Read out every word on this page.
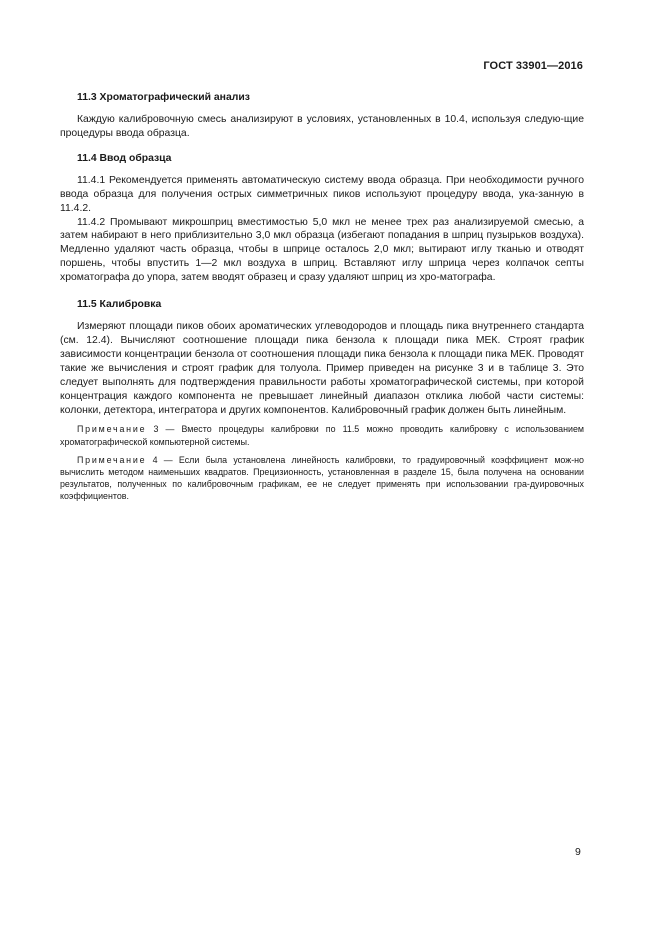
ГОСТ 33901—2016
11.3 Хроматографический анализ

Каждую калибровочную смесь анализируют в условиях, установленных в 10.4, используя следую-щие процедуры ввода образца.

11.4 Ввод образца

11.4.1 Рекомендуется применять автоматическую систему ввода образца. При необходимости ручного ввода образца для получения острых симметричных пиков используют процедуру ввода, ука-занную в 11.4.2.

11.4.2 Промывают микрошприц вместимостью 5,0 мкл не менее трех раз анализируемой смесью, а затем набирают в него приблизительно 3,0 мкл образца (избегают попадания в шприц пузырьков воздуха). Медленно удаляют часть образца, чтобы в шприце осталось 2,0 мкл; вытирают иглу тканью и отводят поршень, чтобы впустить 1—2 мкл воздуха в шприц. Вставляют иглу шприца через колпачок септы хроматографа до упора, затем вводят образец и сразу удаляют шприц из хро-матографа.

11.5 Калибровка

Измеряют площади пиков обоих ароматических углеводородов и площадь пика внутреннего стандарта (см. 12.4). Вычисляют соотношение площади пика бензола к площади пика МЕК. Строят график зависимости концентрации бензола от соотношения площади пика бензола к площади пика МЕК. Проводят такие же вычисления и строят график для толуола. Пример приведен на рисунке 3 и в таблице 3. Это следует выполнять для подтверждения правильности работы хроматографической системы, при которой концентрация каждого компонента не превышает линейный диапазон отклика любой части системы: колонки, детектора, интегратора и других компонентов. Калибровочный график должен быть линейным.

Примечание 3 — Вместо процедуры калибровки по 11.5 можно проводить калибровку с использованием хроматографической компьютерной системы.

Примечание 4 — Если была установлена линейность калибровки, то градуировочный коэффициент мож-но вычислить методом наименьших квадратов. Прецизионность, установленная в разделе 15, была получена на основании результатов, полученных по калибровочным графикам, ее не следует применять при использовании гра-дуировочных коэффициентов.

9
